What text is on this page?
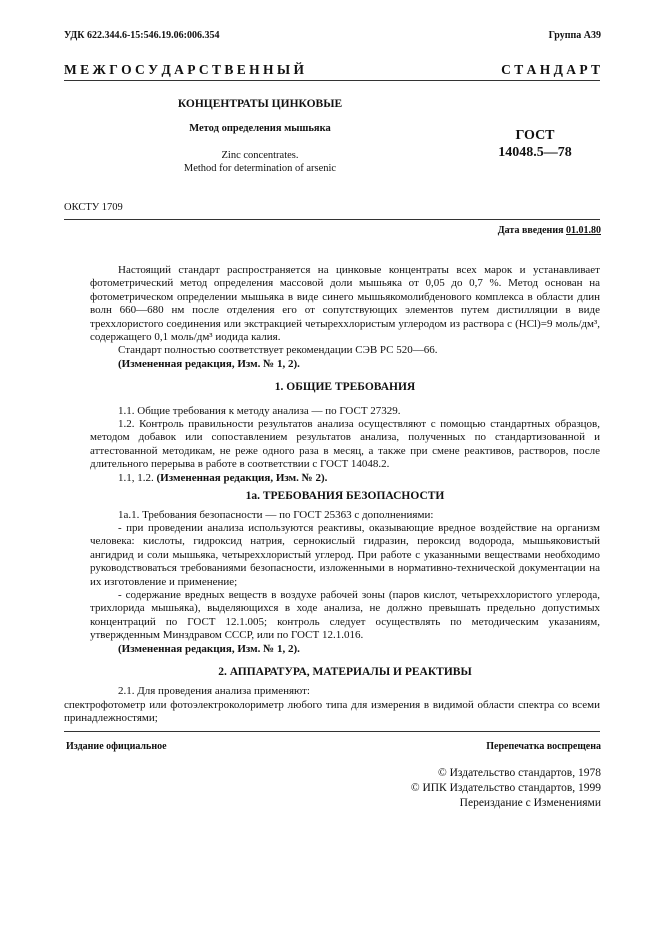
УДК 622.344.6-15:546.19.06:006.354	Группа А39
М Е Ж Г О С У Д А Р С Т В Е Н Н Ы Й	С Т А Н Д А Р Т
КОНЦЕНТРАТЫ ЦИНКОВЫЕ
Метод определения мышьяка
Zinc concentrates.
Method for determination of arsenic
ГОСТ
14048.5—78
ОКСТУ 1709
Дата введения 01.01.80

Настоящий стандарт распространяется на цинковые концентраты всех марок и устанавливает фотометрический метод определения массовой доли мышьяка от 0,05 до 0,7 %. Метод основан на фотометрическом определении мышьяка в виде синего мышьякомолибденового комплекса в области длин волн 660—680 нм после отделения его от сопутствующих элементов путем дистилляции в виде треххлористого соединения или экстракцией четыреххлористым углеродом из раствора c (HCl)=9 моль/дм³, содержащего 0,1 моль/дм³ иодида калия.

Стандарт полностью соответствует рекомендации СЭВ РС 520—66.

(Измененная редакция, Изм. № 1, 2).

1. ОБЩИЕ ТРЕБОВАНИЯ

1.1. Общие требования к методу анализа — по ГОСТ 27329.

1.2. Контроль правильности результатов анализа осуществляют с помощью стандартных образцов, методом добавок или сопоставлением результатов анализа, полученных по стандартизованной и аттестованной методикам, не реже одного раза в месяц, а также при смене реактивов, растворов, после длительного перерыва в работе в соответствии с ГОСТ 14048.2.

1.1, 1.2. (Измененная редакция, Изм. № 2).

1а. ТРЕБОВАНИЯ БЕЗОПАСНОСТИ

1а.1. Требования безопасности — по ГОСТ 25363 с дополнениями:

- при проведении анализа используются реактивы, оказывающие вредное воздействие на организм человека: кислоты, гидроксид натрия, сернокислый гидразин, пероксид водорода, мышьяковистый ангидрид и соли мышьяка, четыреххлористый углерод. При работе с указанными веществами необходимо руководствоваться требованиями безопасности, изложенными в нормативно-технической документации на их изготовление и применение;

- содержание вредных веществ в воздухе рабочей зоны (паров кислот, четыреххлористого углерода, трихлорида мышьяка), выделяющихся в ходе анализа, не должно превышать предельно допустимых концентраций по ГОСТ 12.1.005; контроль следует осуществлять по методическим указаниям, утвержденным Минздравом СССР, или по ГОСТ 12.1.016.

(Измененная редакция, Изм. № 1, 2).

2. АППАРАТУРА, МАТЕРИАЛЫ И РЕАКТИВЫ

2.1. Для проведения анализа применяют:

спектрофотометр или фотоэлектроколориметр любого типа для измерения в видимой области спектра со всеми принадлежностями;

Издание официальное	Перепечатка воспрещена
© Издательство стандартов, 1978
© ИПК Издательство стандартов, 1999
Переиздание с Изменениями
